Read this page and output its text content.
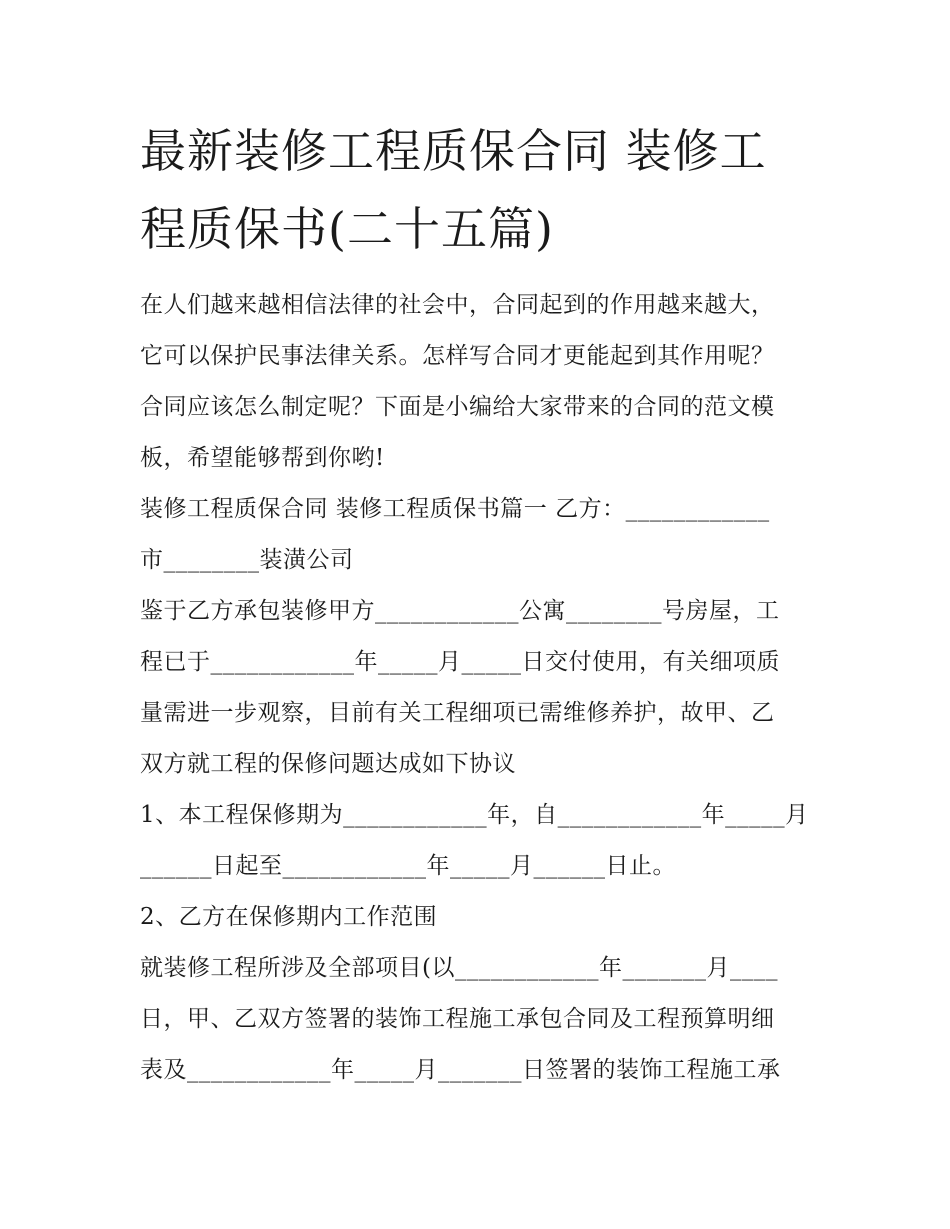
最新装修工程质保合同 装修工
程质保书(二十五篇)
在人们越来越相信法律的社会中，合同起到的作用越来越大，
它可以保护民事法律关系。怎样写合同才更能起到其作用呢？
合同应该怎么制定呢？下面是小编给大家带来的合同的范文模
板，希望能够帮到你哟!
装修工程质保合同 装修工程质保书篇一 乙方：____________
市________装潢公司
鉴于乙方承包装修甲方____________公寓________号房屋，工
程已于____________年_____月_____日交付使用，有关细项质
量需进一步观察，目前有关工程细项已需维修养护，故甲、乙
双方就工程的保修问题达成如下协议
1、本工程保修期为____________年，自____________年_____月
______日起至____________年_____月______日止。
2、乙方在保修期内工作范围
就装修工程所涉及全部项目(以____________年_______月____
日，甲、乙双方签署的装饰工程施工承包合同及工程预算明细
表及____________年_____月_______日签署的装饰工程施工承
